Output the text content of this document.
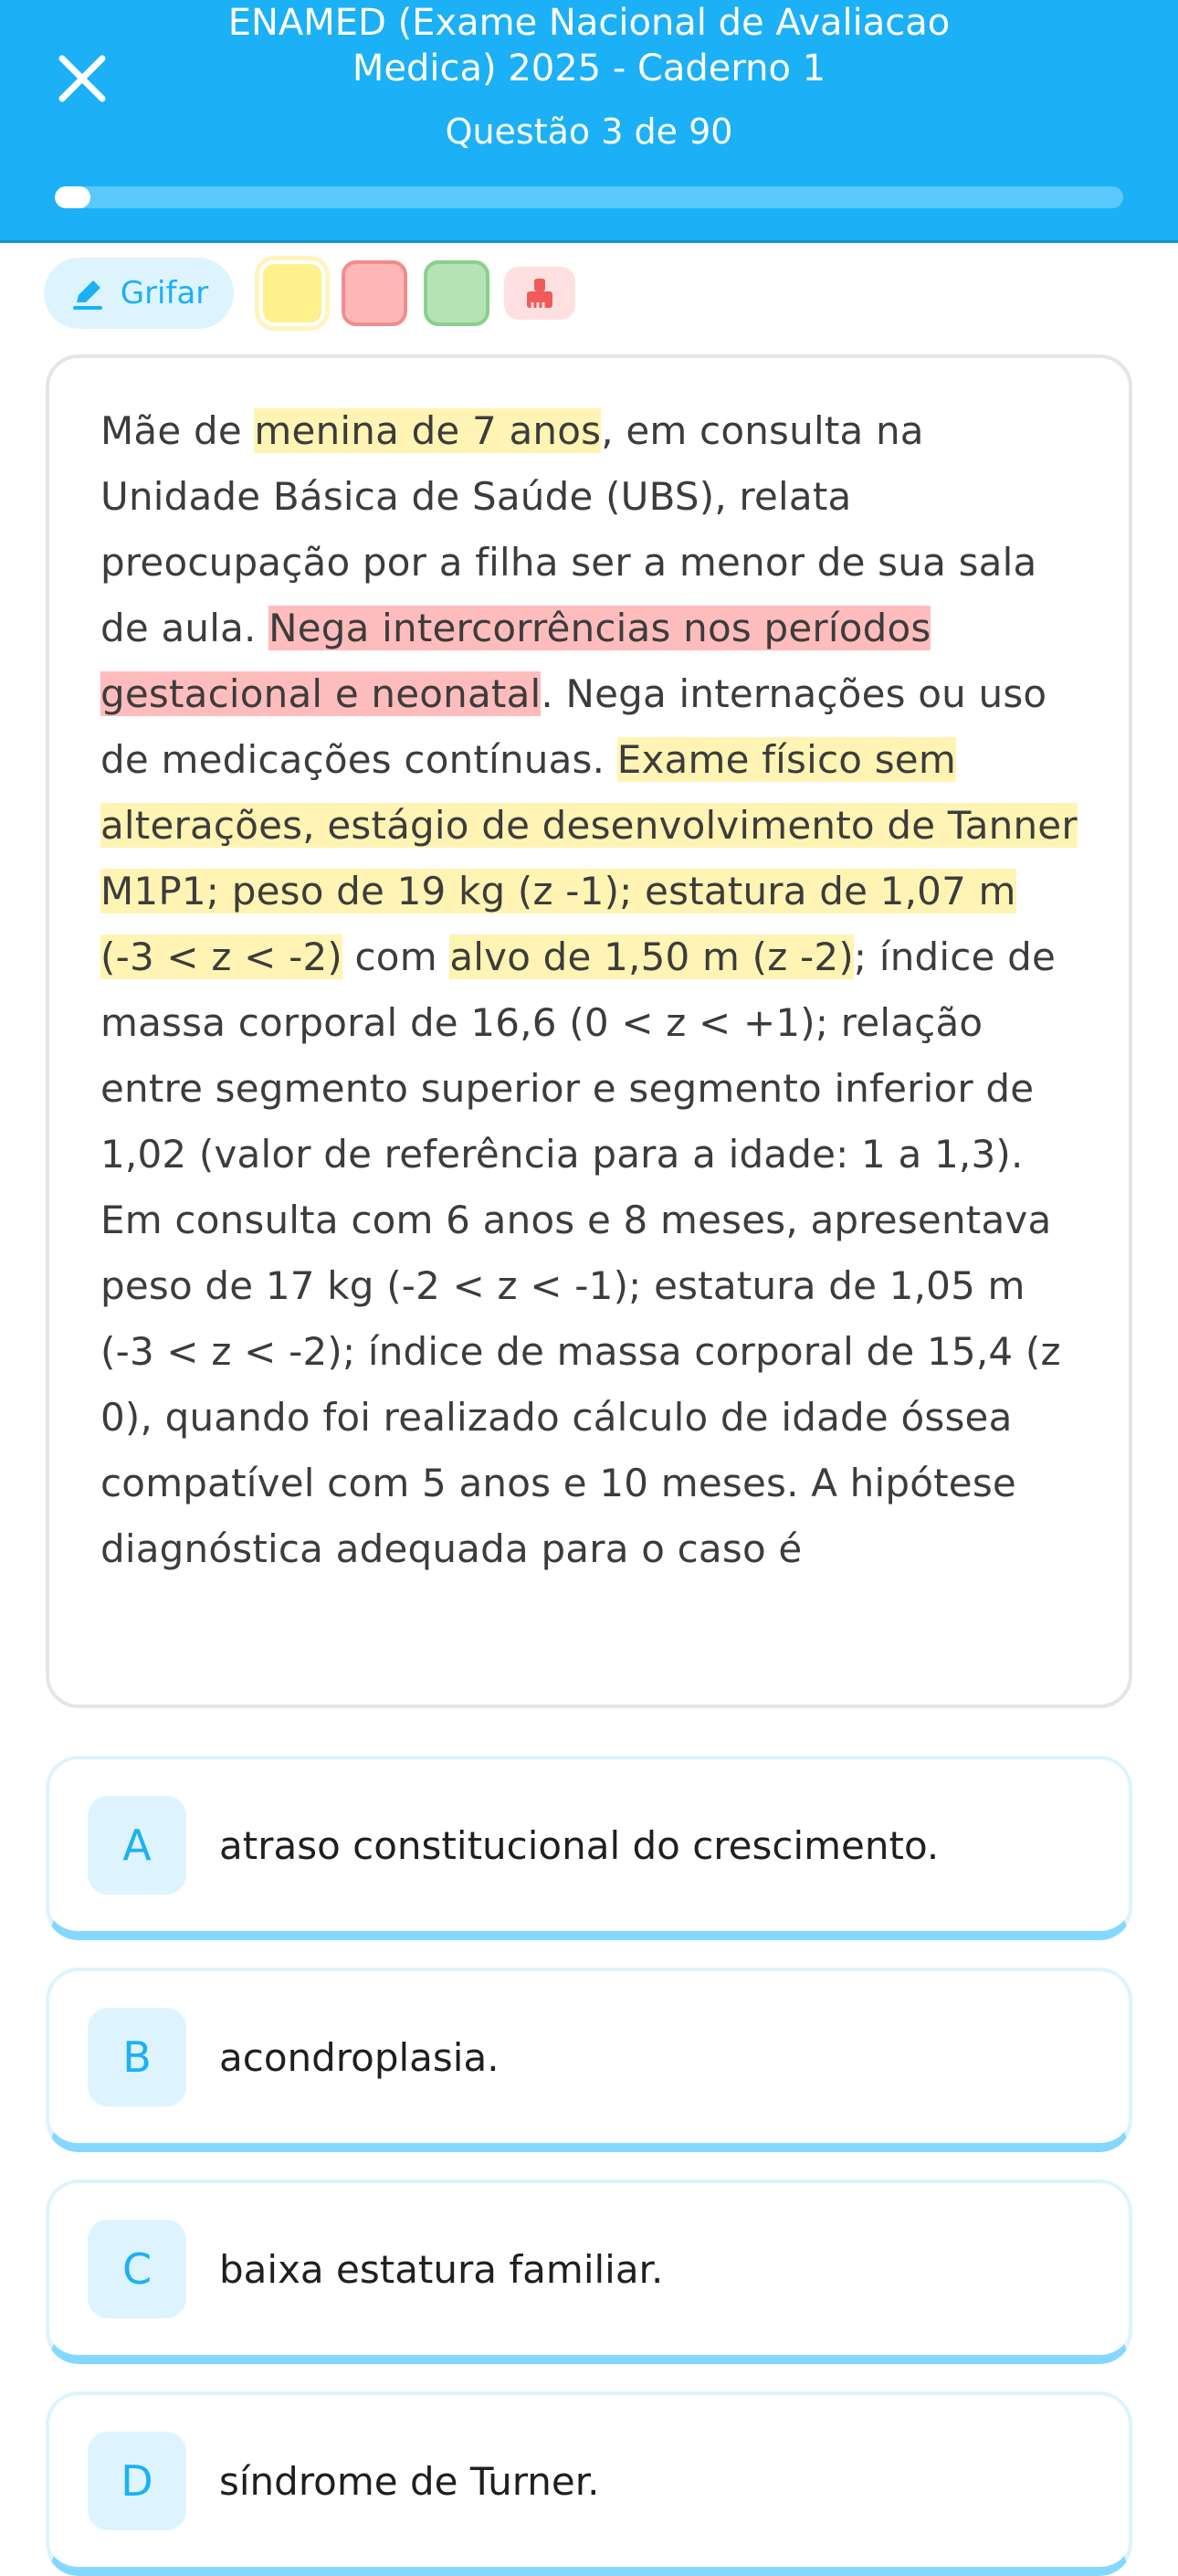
ENAMED (Exame Nacional de Avaliacao Medica) 2025 - Caderno 1
Questão 3 de 90
Grifar
Mãe de menina de 7 anos, em consulta na Unidade Básica de Saúde (UBS), relata preocupação por a filha ser a menor de sua sala de aula. Nega intercorrências nos períodos gestacional e neonatal. Nega internações ou uso de medicações contínuas. Exame físico sem alterações, estágio de desenvolvimento de Tanner M1P1; peso de 19 kg (z -1); estatura de 1,07 m (-3 < z < -2) com alvo de 1,50 m (z -2); índice de massa corporal de 16,6 (0 < z < +1); relação entre segmento superior e segmento inferior de 1,02 (valor de referência para a idade: 1 a 1,3). Em consulta com 6 anos e 8 meses, apresentava peso de 17 kg (-2 < z < -1); estatura de 1,05 m (-3 < z < -2); índice de massa corporal de 15,4 (z 0), quando foi realizado cálculo de idade óssea compatível com 5 anos e 10 meses. A hipótese diagnóstica adequada para o caso é
A	atraso constitucional do crescimento.
B	acondroplasia.
C	baixa estatura familiar.
D	síndrome de Turner.
